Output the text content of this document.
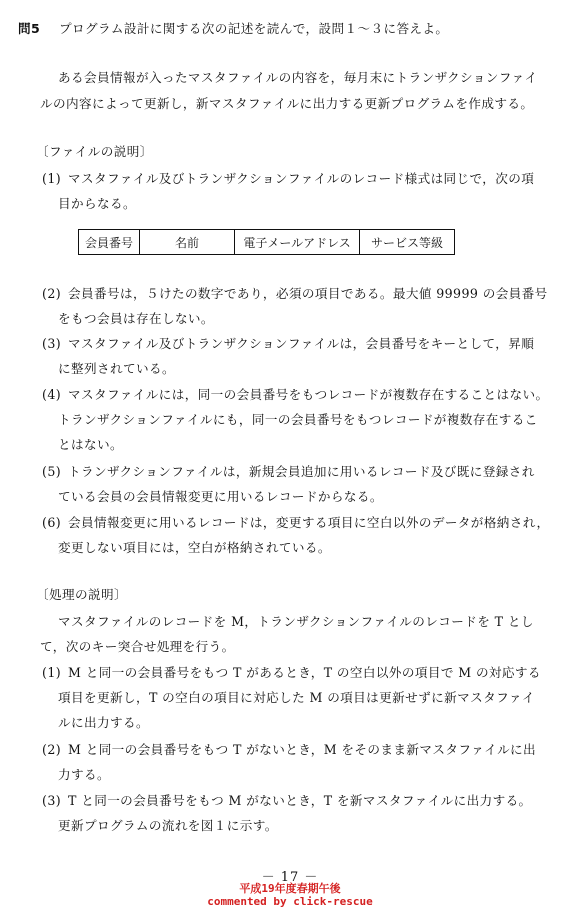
問5 プログラム設計に関する次の記述を読んで，設問１～３に答えよ。
ある会員情報が入ったマスタファイルの内容を，毎月末にトランザクションファイ
ルの内容によって更新し，新マスタファイルに出力する更新プログラムを作成する。
〔ファイルの説明〕
(1) マスタファイル及びトランザクションファイルのレコード様式は同じで，次の項
目からなる。
会員番号	名前	電子メールアドレス	サービス等級
(2) 会員番号は，５けたの数字であり，必須の項目である。最大値 99999 の会員番号
をもつ会員は存在しない。
(3) マスタファイル及びトランザクションファイルは，会員番号をキーとして，昇順
に整列されている。
(4) マスタファイルには，同一の会員番号をもつレコードが複数存在することはない。
トランザクションファイルにも，同一の会員番号をもつレコードが複数存在するこ
とはない。
(5) トランザクションファイルは，新規会員追加に用いるレコード及び既に登録され
ている会員の会員情報変更に用いるレコードからなる。
(6) 会員情報変更に用いるレコードは，変更する項目に空白以外のデータが格納され，
変更しない項目には，空白が格納されている。
〔処理の説明〕
マスタファイルのレコードを M，トランザクションファイルのレコードを T とし
て，次のキー突合せ処理を行う。
(1) M と同一の会員番号をもつ T があるとき，T の空白以外の項目で M の対応する
項目を更新し，T の空白の項目に対応した M の項目は更新せずに新マスタファイ
ルに出力する。
(2) M と同一の会員番号をもつ T がないとき，M をそのまま新マスタファイルに出
力する。
(3) T と同一の会員番号をもつ M がないとき，T を新マスタファイルに出力する。
更新プログラムの流れを図１に示す。
－ 17 －
平成19年度春期午後
commented by click-rescue
